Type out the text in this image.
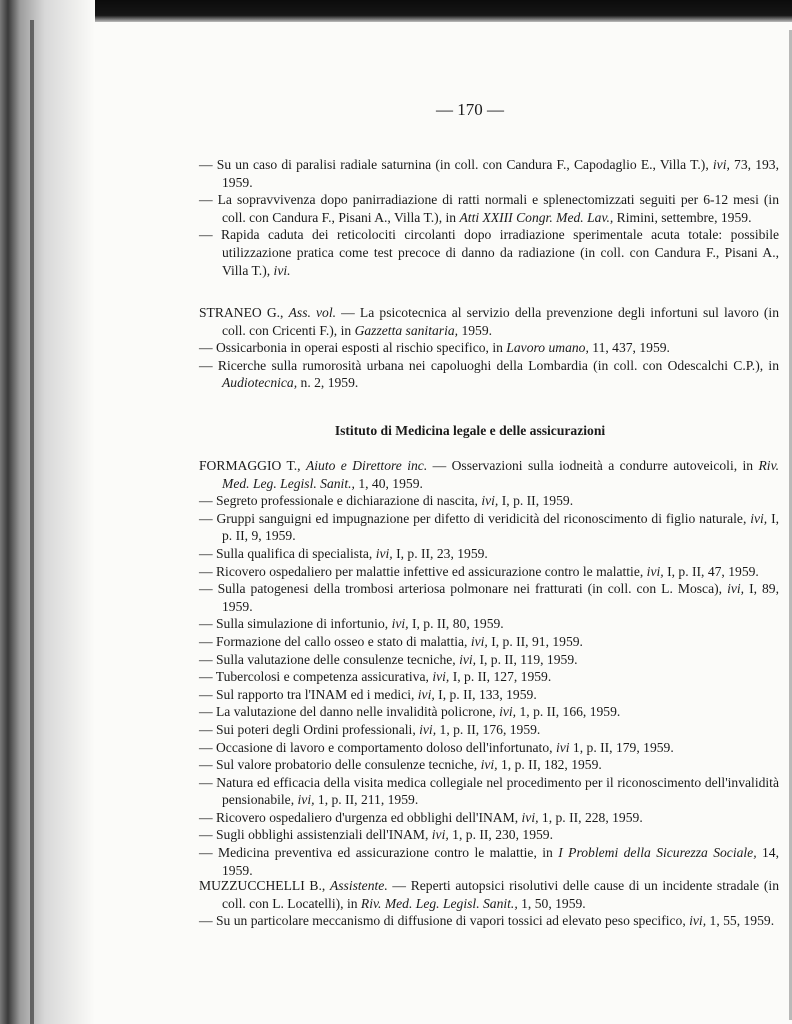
— 170 —
— Su un caso di paralisi radiale saturnina (in coll. con Candura F., Capodaglio E., Villa T.), ivi, 73, 193, 1959.
— La sopravvivenza dopo panirradiazione di ratti normali e splenectomizzati seguiti per 6-12 mesi (in coll. con Candura F., Pisani A., Villa T.), in Atti XXIII Congr. Med. Lav., Rimini, settembre, 1959.
— Rapida caduta dei reticolociti circolanti dopo irradiazione sperimentale acuta totale: possibile utilizzazione pratica come test precoce di danno da radiazione (in coll. con Candura F., Pisani A., Villa T.), ivi.
STRANEO G., Ass. vol. — La psicotecnica al servizio della prevenzione degli infortuni sul lavoro (in coll. con Cricenti F.), in Gazzetta sanitaria, 1959.
— Ossicarbonia in operai esposti al rischio specifico, in Lavoro umano, 11, 437, 1959.
— Ricerche sulla rumorosità urbana nei capoluoghi della Lombardia (in coll. con Odescalchi C.P.), in Audiotecnica, n. 2, 1959.
Istituto di Medicina legale e delle assicurazioni
FORMAGGIO T., Aiuto e Direttore inc. — Osservazioni sulla iodneità a condurre autoveicoli, in Riv. Med. Leg. Legisl. Sanit., 1, 40, 1959.
— Segreto professionale e dichiarazione di nascita, ivi, I, p. II, 1959.
— Gruppi sanguigni ed impugnazione per difetto di veridicità del riconoscimento di figlio naturale, ivi, I, p. II, 9, 1959.
— Sulla qualifica di specialista, ivi, I, p. II, 23, 1959.
— Ricovero ospedaliero per malattie infettive ed assicurazione contro le malattie, ivi, I, p. II, 47, 1959.
— Sulla patogenesi della trombosi arteriosa polmonare nei fratturati (in coll. con L. Mosca), ivi, I, 89, 1959.
— Sulla simulazione di infortunio, ivi, I, p. II, 80, 1959.
— Formazione del callo osseo e stato di malattia, ivi, I, p. II, 91, 1959.
— Sulla valutazione delle consulenze tecniche, ivi, I, p. II, 119, 1959.
— Tubercolosi e competenza assicurativa, ivi, I, p. II, 127, 1959.
— Sul rapporto tra l'INAM ed i medici, ivi, I, p. II, 133, 1959.
— La valutazione del danno nelle invalidità policrone, ivi, 1, p. II, 166, 1959.
— Sui poteri degli Ordini professionali, ivi, 1, p. II, 176, 1959.
— Occasione di lavoro e comportamento doloso dell'infortunato, ivi 1, p. II, 179, 1959.
— Sul valore probatorio delle consulenze tecniche, ivi, 1, p. II, 182, 1959.
— Natura ed efficacia della visita medica collegiale nel procedimento per il riconoscimento dell'invalidità pensionabile, ivi, 1, p. II, 211, 1959.
— Ricovero ospedaliero d'urgenza ed obblighi dell'INAM, ivi, 1, p. II, 228, 1959.
— Sugli obblighi assistenziali dell'INAM, ivi, 1, p. II, 230, 1959.
— Medicina preventiva ed assicurazione contro le malattie, in I Problemi della Sicurezza Sociale, 14, 1959.
MUZZUCCHELLI B., Assistente. — Reperti autopsici risolutivi delle cause di un incidente stradale (in coll. con L. Locatelli), in Riv. Med. Leg. Legisl. Sanit., 1, 50, 1959.
— Su un particolare meccanismo di diffusione di vapori tossici ad elevato peso specifico, ivi, 1, 55, 1959.
